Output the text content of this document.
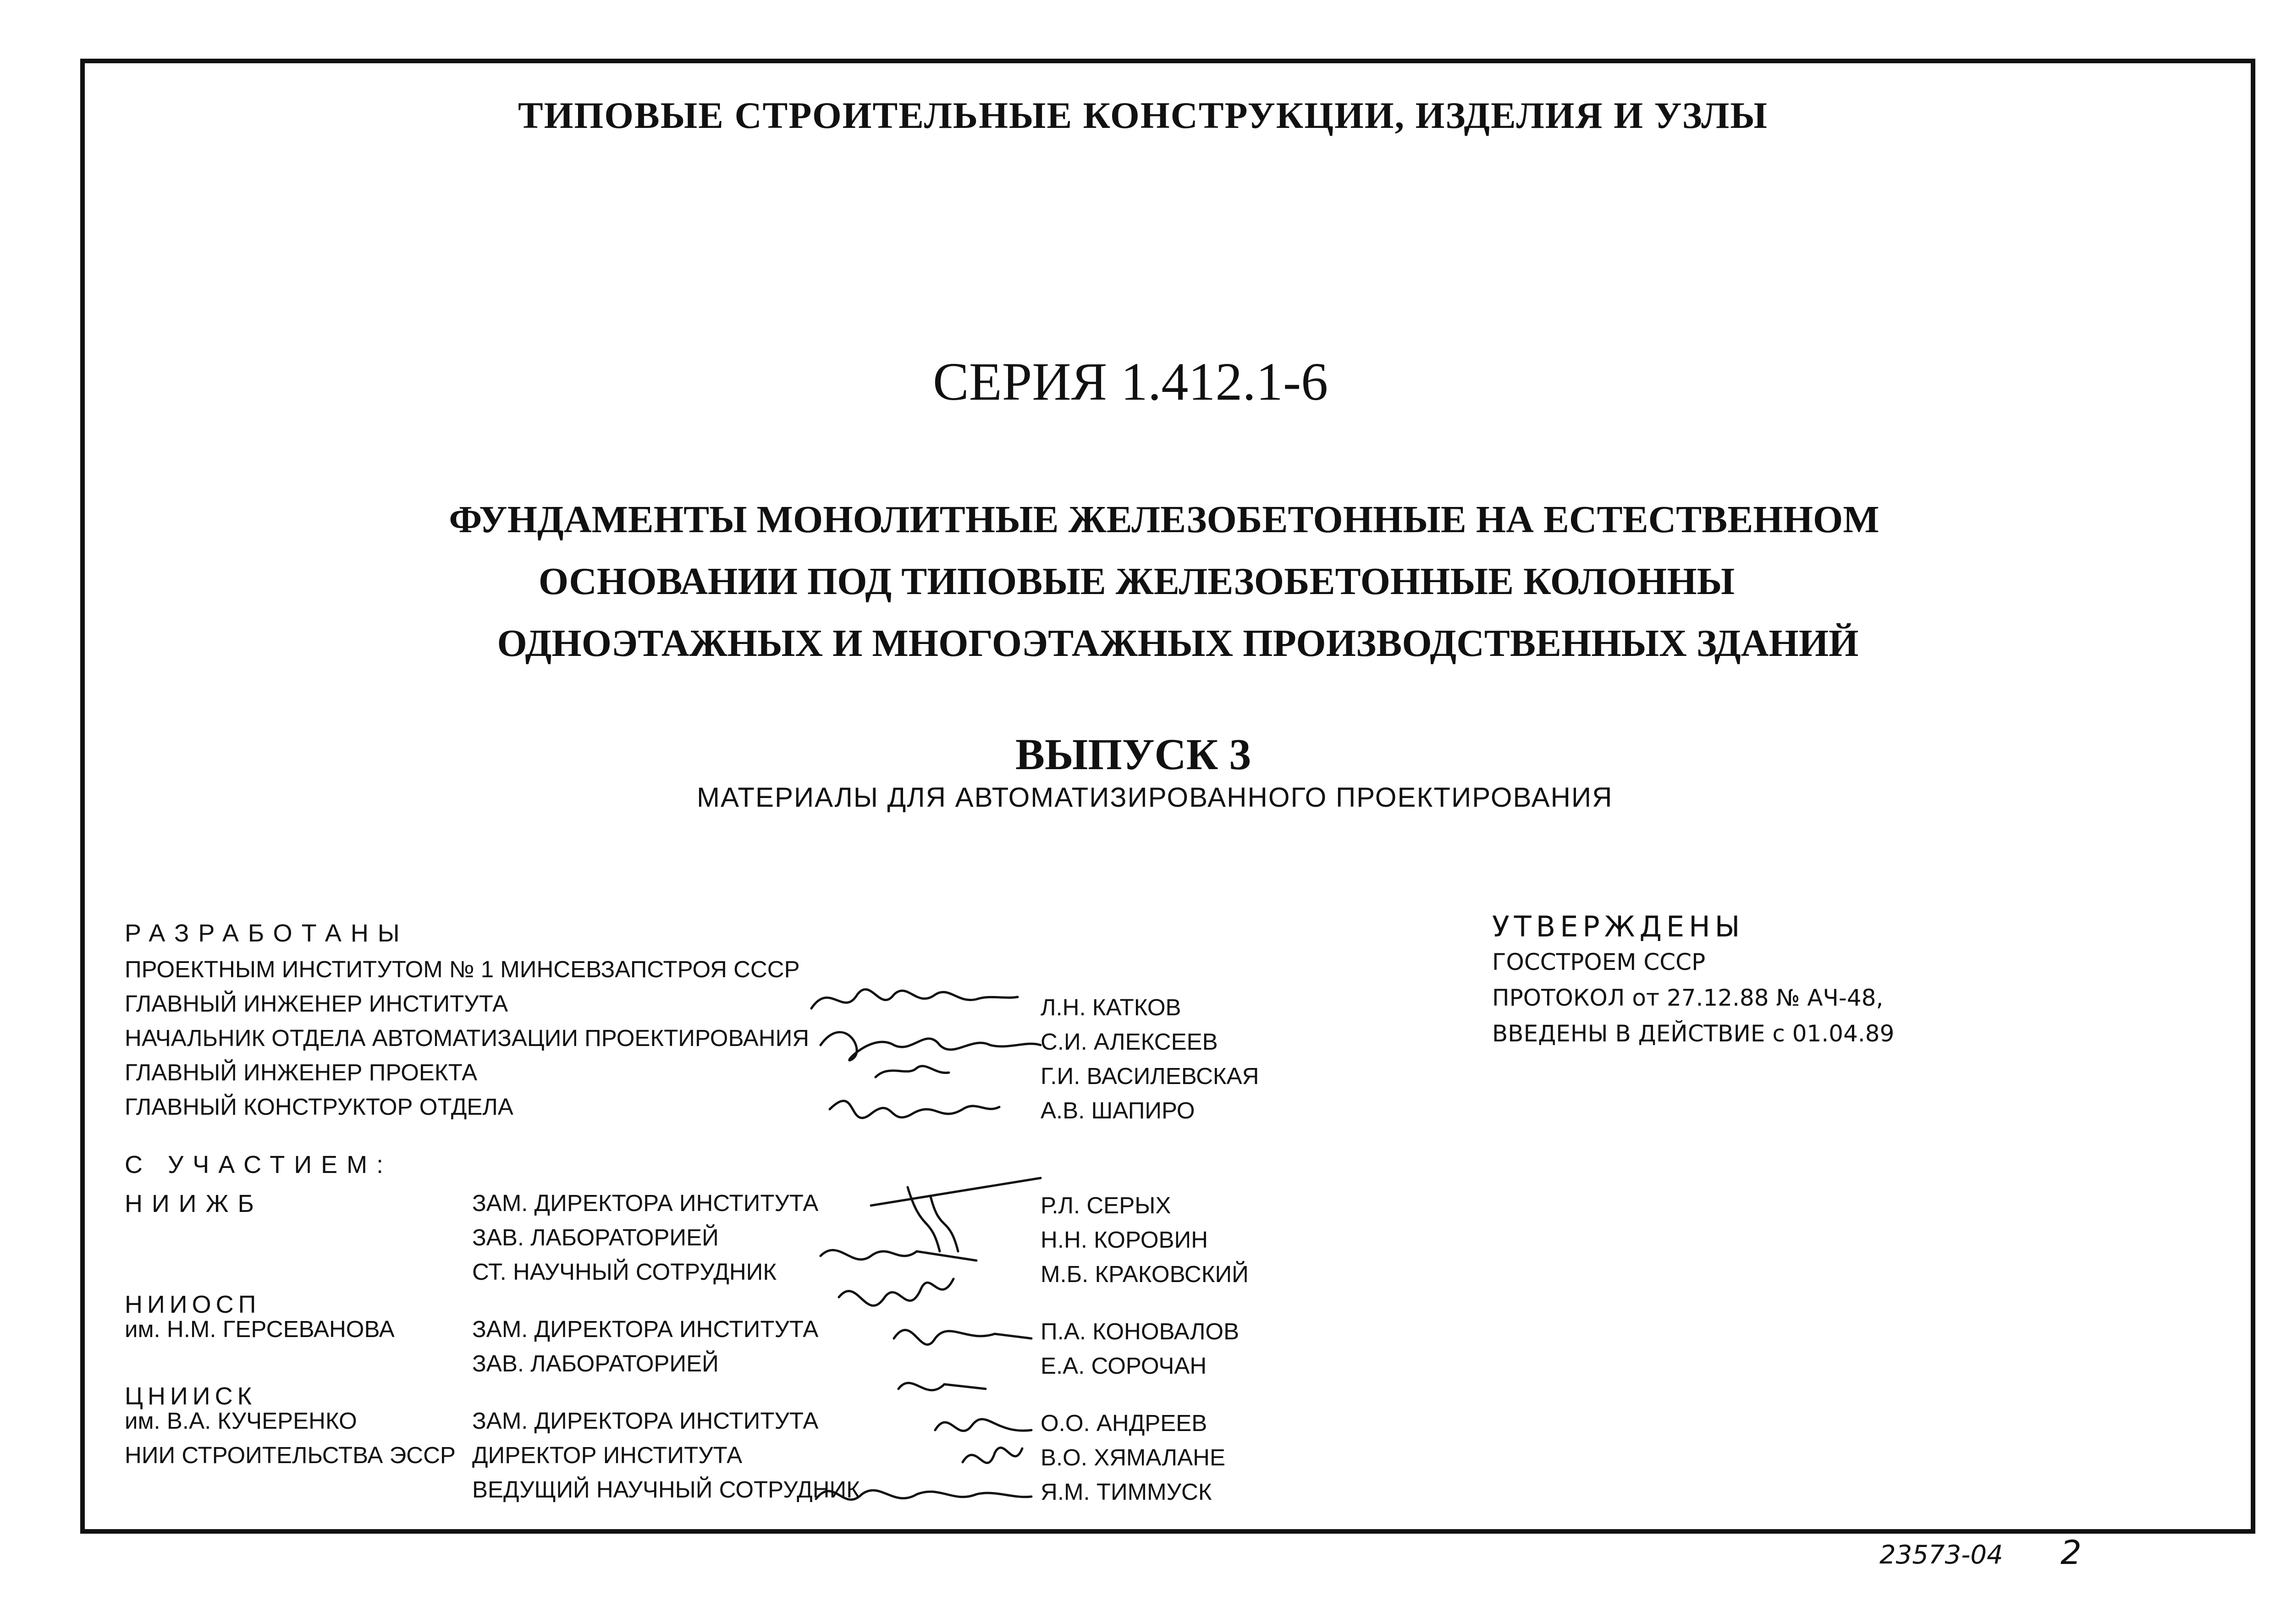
ТИПОВЫЕ СТРОИТЕЛЬНЫЕ КОНСТРУКЦИИ, ИЗДЕЛИЯ И УЗЛЫ
СЕРИЯ 1.412.1-6
ФУНДАМЕНТЫ МОНОЛИТНЫЕ ЖЕЛЕЗОБЕТОННЫЕ НА ЕСТЕСТВЕННОМ
ОСНОВАНИИ ПОД ТИПОВЫЕ ЖЕЛЕЗОБЕТОННЫЕ КОЛОННЫ
ОДНОЭТАЖНЫХ И МНОГОЭТАЖНЫХ ПРОИЗВОДСТВЕННЫХ ЗДАНИЙ
ВЫПУСК 3
МАТЕРИАЛЫ ДЛЯ АВТОМАТИЗИРОВАННОГО ПРОЕКТИРОВАНИЯ
РАЗРАБОТАНЫ
ПРОЕКТНЫМ ИНСТИТУТОМ № 1 МИНСЕВЗАПСТРОЯ СССР
ГЛАВНЫЙ ИНЖЕНЕР ИНСТИТУТА
НАЧАЛЬНИК ОТДЕЛА АВТОМАТИЗАЦИИ ПРОЕКТИРОВАНИЯ
ГЛАВНЫЙ ИНЖЕНЕР ПРОЕКТА
ГЛАВНЫЙ КОНСТРУКТОР ОТДЕЛА
Л.Н. КАТКОВ
С.И. АЛЕКСЕЕВ
Г.И. ВАСИЛЕВСКАЯ
А.В. ШАПИРО
С УЧАСТИЕМ:
НИИЖБ	ЗАМ. ДИРЕКТОРА ИНСТИТУТА
ЗАВ. ЛАБОРАТОРИЕЙ
СТ. НАУЧНЫЙ СОТРУДНИК
Р.Л. СЕРЫХ
Н.Н. КОРОВИН
М.Б. КРАКОВСКИЙ
НИИОСП
им. Н.М. ГЕРСЕВАНОВА	ЗАМ. ДИРЕКТОРА ИНСТИТУТА
ЗАВ. ЛАБОРАТОРИЕЙ
П.А. КОНОВАЛОВ
Е.А. СОРОЧАН
ЦНИИСК
им. В.А. КУЧЕРЕНКО
НИИ СТРОИТЕЛЬСТВА ЭССР
ЗАМ. ДИРЕКТОРА ИНСТИТУТА
ДИРЕКТОР ИНСТИТУТА
ВЕДУЩИЙ НАУЧНЫЙ СОТРУДНИК
О.О. АНДРЕЕВ
В.О. ХЯМАЛАНЕ
Я.М. ТИММУСК
УТВЕРЖДЕНЫ
ГОССТРОЕМ СССР
ПРОТОКОЛ от 27.12.88 № АЧ-48,
ВВЕДЕНЫ В ДЕЙСТВИЕ с 01.04.89
23573-04 2
